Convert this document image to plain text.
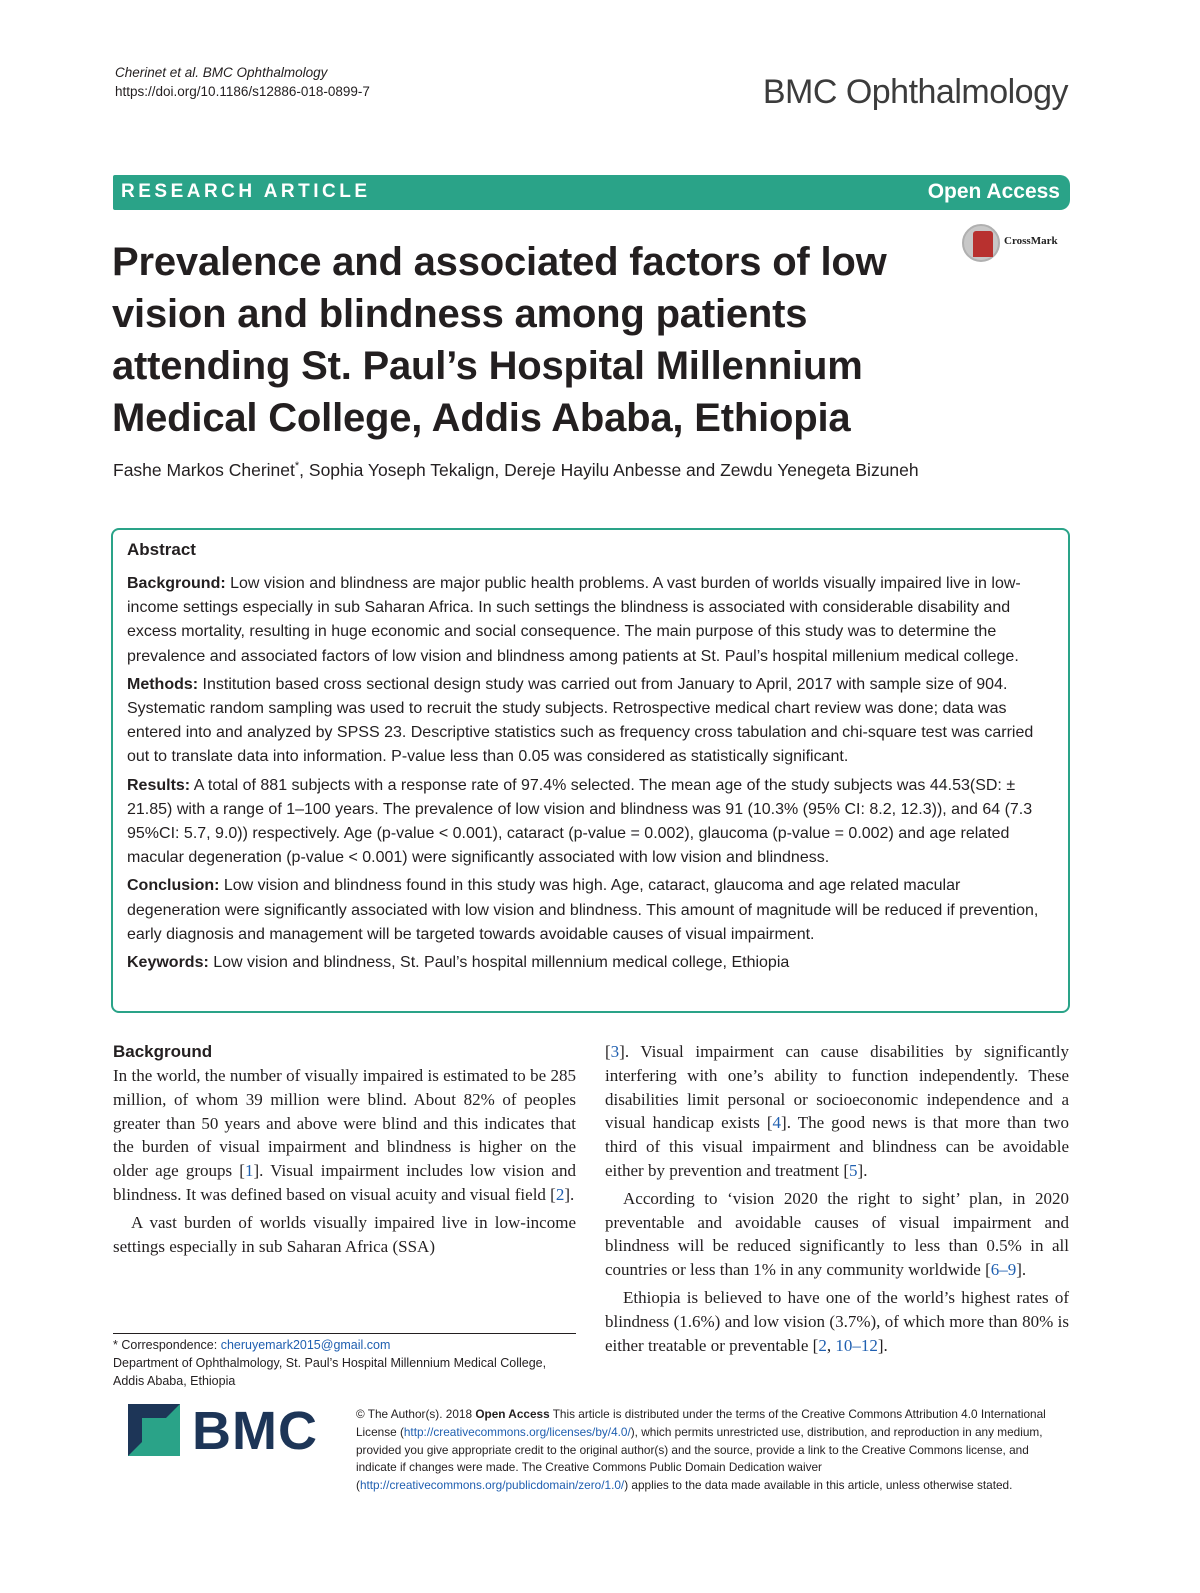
Cherinet et al. BMC Ophthalmology
https://doi.org/10.1186/s12886-018-0899-7	BMC Ophthalmology
RESEARCH ARTICLE	Open Access
Prevalence and associated factors of low vision and blindness among patients attending St. Paul’s Hospital Millennium Medical College, Addis Ababa, Ethiopia
CrossMark
Fashe Markos Cherinet*, Sophia Yoseph Tekalign, Dereje Hayilu Anbesse and Zewdu Yenegeta Bizuneh
Abstract

Background: Low vision and blindness are major public health problems. A vast burden of worlds visually impaired live in low-income settings especially in sub Saharan Africa. In such settings the blindness is associated with considerable disability and excess mortality, resulting in huge economic and social consequence. The main purpose of this study was to determine the prevalence and associated factors of low vision and blindness among patients at St. Paul’s hospital millenium medical college.

Methods: Institution based cross sectional design study was carried out from January to April, 2017 with sample size of 904. Systematic random sampling was used to recruit the study subjects. Retrospective medical chart review was done; data was entered into and analyzed by SPSS 23. Descriptive statistics such as frequency cross tabulation and chi-square test was carried out to translate data into information. P-value less than 0.05 was considered as statistically significant.

Results: A total of 881 subjects with a response rate of 97.4% selected. The mean age of the study subjects was 44.53(SD: ± 21.85) with a range of 1–100 years. The prevalence of low vision and blindness was 91 (10.3% (95% CI: 8.2, 12.3)), and 64 (7.3 95%CI: 5.7, 9.0)) respectively. Age (p-value < 0.001), cataract (p-value = 0.002), glaucoma (p-value = 0.002) and age related macular degeneration (p-value < 0.001) were significantly associated with low vision and blindness.

Conclusion: Low vision and blindness found in this study was high. Age, cataract, glaucoma and age related macular degeneration were significantly associated with low vision and blindness. This amount of magnitude will be reduced if prevention, early diagnosis and management will be targeted towards avoidable causes of visual impairment.

Keywords: Low vision and blindness, St. Paul’s hospital millennium medical college, Ethiopia

Background

In the world, the number of visually impaired is estimated to be 285 million, of whom 39 million were blind. About 82% of peoples greater than 50 years and above were blind and this indicates that the burden of visual impairment and blindness is higher on the older age groups [1]. Visual impairment includes low vision and blindness. It was defined based on visual acuity and visual field [2].

A vast burden of worlds visually impaired live in low-income settings especially in sub Saharan Africa (SSA)

[3]. Visual impairment can cause disabilities by significantly interfering with one’s ability to function independently. These disabilities limit personal or socioeconomic independence and a visual handicap exists [4]. The good news is that more than two third of this visual impairment and blindness can be avoidable either by prevention and treatment [5].

According to ‘vision 2020 the right to sight’ plan, in 2020 preventable and avoidable causes of visual impairment and blindness will be reduced significantly to less than 0.5% in all countries or less than 1% in any community worldwide [6–9].

Ethiopia is believed to have one of the world’s highest rates of blindness (1.6%) and low vision (3.7%), of which more than 80% is either treatable or preventable [2, 10–12].

* Correspondence: cheruyemark2015@gmail.com
Department of Ophthalmology, St. Paul’s Hospital Millennium Medical College, Addis Ababa, Ethiopia
BMC	© The Author(s). 2018 Open Access This article is distributed under the terms of the Creative Commons Attribution 4.0 International License (http://creativecommons.org/licenses/by/4.0/), which permits unrestricted use, distribution, and reproduction in any medium, provided you give appropriate credit to the original author(s) and the source, provide a link to the Creative Commons license, and indicate if changes were made. The Creative Commons Public Domain Dedication waiver (http://creativecommons.org/publicdomain/zero/1.0/) applies to the data made available in this article, unless otherwise stated.
